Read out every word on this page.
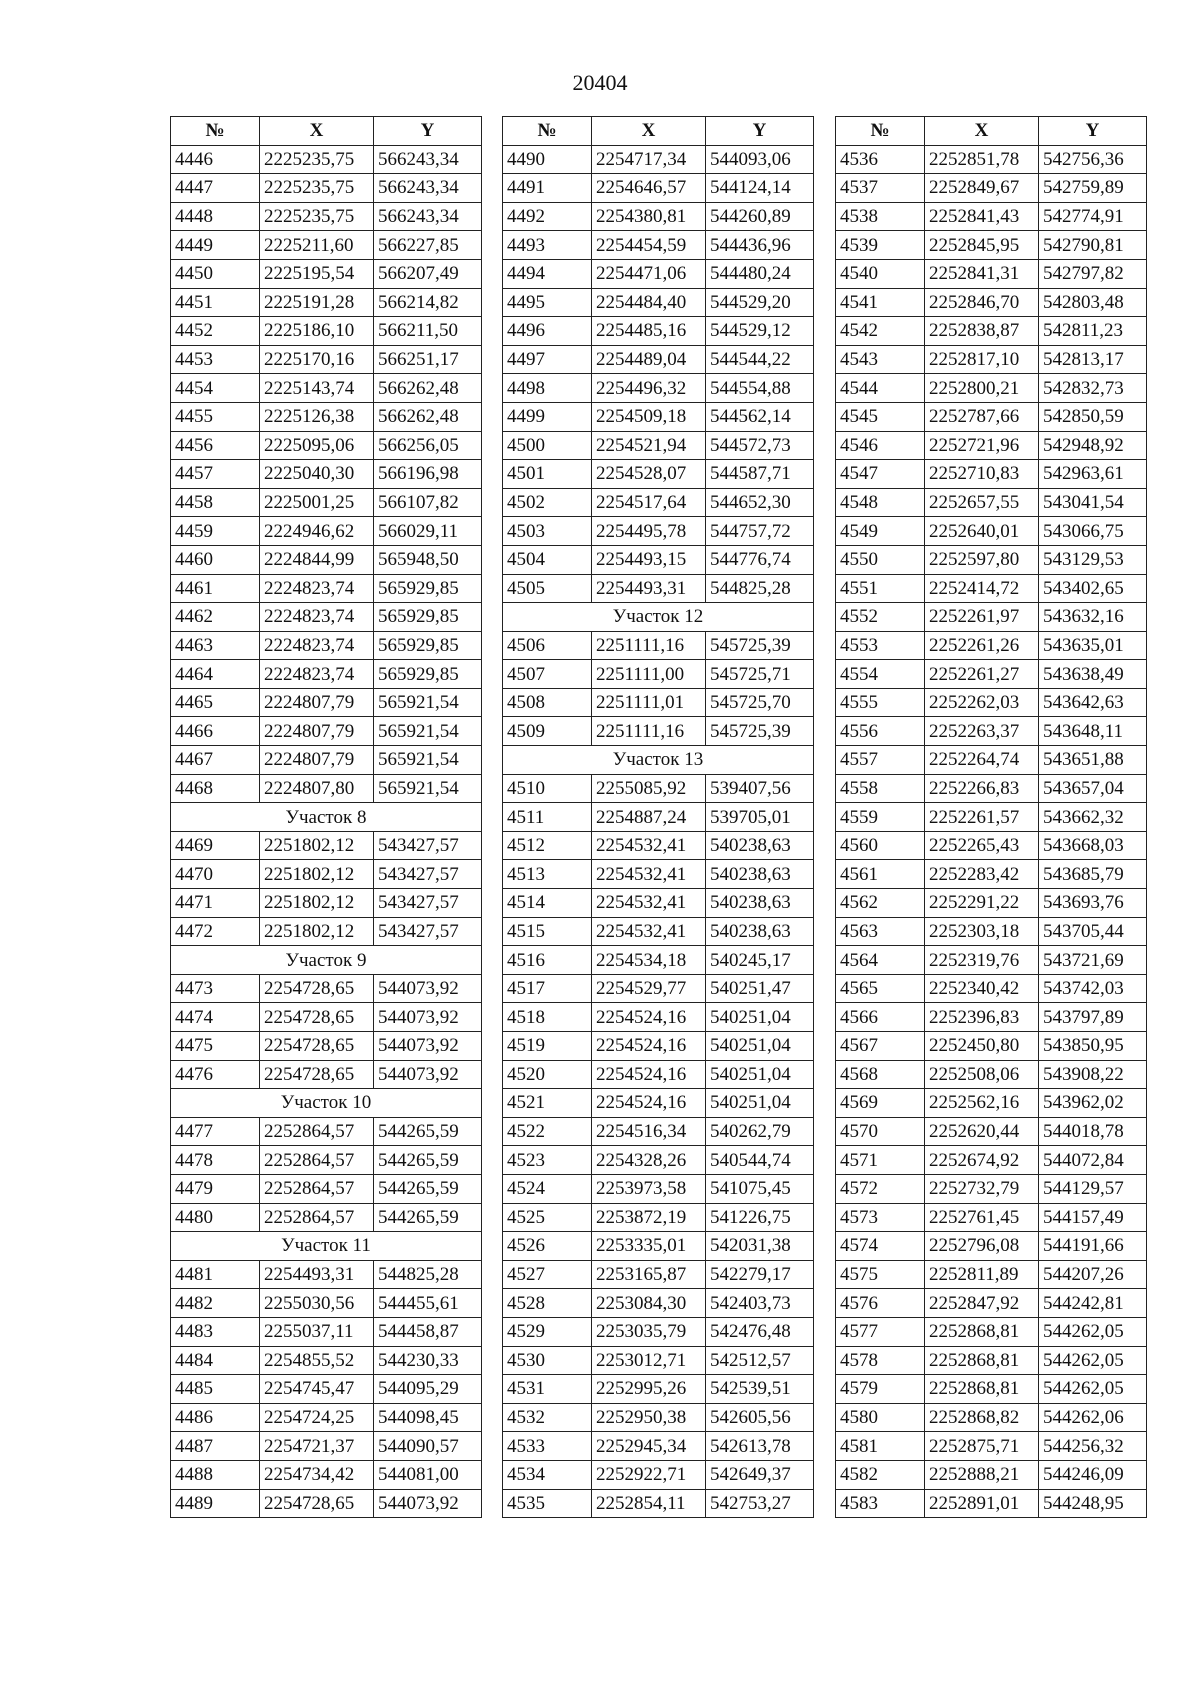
20404
№	X	Y
4446	2225235,75	566243,34
4447	2225235,75	566243,34
4448	2225235,75	566243,34
4449	2225211,60	566227,85
4450	2225195,54	566207,49
4451	2225191,28	566214,82
4452	2225186,10	566211,50
4453	2225170,16	566251,17
4454	2225143,74	566262,48
4455	2225126,38	566262,48
4456	2225095,06	566256,05
4457	2225040,30	566196,98
4458	2225001,25	566107,82
4459	2224946,62	566029,11
4460	2224844,99	565948,50
4461	2224823,74	565929,85
4462	2224823,74	565929,85
4463	2224823,74	565929,85
4464	2224823,74	565929,85
4465	2224807,79	565921,54
4466	2224807,79	565921,54
4467	2224807,79	565921,54
4468	2224807,80	565921,54
Участок 8		
4469	2251802,12	543427,57
4470	2251802,12	543427,57
4471	2251802,12	543427,57
4472	2251802,12	543427,57
Участок 9		
4473	2254728,65	544073,92
4474	2254728,65	544073,92
4475	2254728,65	544073,92
4476	2254728,65	544073,92
Участок 10		
4477	2252864,57	544265,59
4478	2252864,57	544265,59
4479	2252864,57	544265,59
4480	2252864,57	544265,59
Участок 11		
4481	2254493,31	544825,28
4482	2255030,56	544455,61
4483	2255037,11	544458,87
4484	2254855,52	544230,33
4485	2254745,47	544095,29
4486	2254724,25	544098,45
4487	2254721,37	544090,57
4488	2254734,42	544081,00
4489	2254728,65	544073,92
№	X	Y
4490	2254717,34	544093,06
4491	2254646,57	544124,14
4492	2254380,81	544260,89
4493	2254454,59	544436,96
4494	2254471,06	544480,24
4495	2254484,40	544529,20
4496	2254485,16	544529,12
4497	2254489,04	544544,22
4498	2254496,32	544554,88
4499	2254509,18	544562,14
4500	2254521,94	544572,73
4501	2254528,07	544587,71
4502	2254517,64	544652,30
4503	2254495,78	544757,72
4504	2254493,15	544776,74
4505	2254493,31	544825,28
Участок 12		
4506	2251111,16	545725,39
4507	2251111,00	545725,71
4508	2251111,01	545725,70
4509	2251111,16	545725,39
Участок 13		
4510	2255085,92	539407,56
4511	2254887,24	539705,01
4512	2254532,41	540238,63
4513	2254532,41	540238,63
4514	2254532,41	540238,63
4515	2254532,41	540238,63
4516	2254534,18	540245,17
4517	2254529,77	540251,47
4518	2254524,16	540251,04
4519	2254524,16	540251,04
4520	2254524,16	540251,04
4521	2254524,16	540251,04
4522	2254516,34	540262,79
4523	2254328,26	540544,74
4524	2253973,58	541075,45
4525	2253872,19	541226,75
4526	2253335,01	542031,38
4527	2253165,87	542279,17
4528	2253084,30	542403,73
4529	2253035,79	542476,48
4530	2253012,71	542512,57
4531	2252995,26	542539,51
4532	2252950,38	542605,56
4533	2252945,34	542613,78
4534	2252922,71	542649,37
4535	2252854,11	542753,27
№	X	Y
4536	2252851,78	542756,36
4537	2252849,67	542759,89
4538	2252841,43	542774,91
4539	2252845,95	542790,81
4540	2252841,31	542797,82
4541	2252846,70	542803,48
4542	2252838,87	542811,23
4543	2252817,10	542813,17
4544	2252800,21	542832,73
4545	2252787,66	542850,59
4546	2252721,96	542948,92
4547	2252710,83	542963,61
4548	2252657,55	543041,54
4549	2252640,01	543066,75
4550	2252597,80	543129,53
4551	2252414,72	543402,65
4552	2252261,97	543632,16
4553	2252261,26	543635,01
4554	2252261,27	543638,49
4555	2252262,03	543642,63
4556	2252263,37	543648,11
4557	2252264,74	543651,88
4558	2252266,83	543657,04
4559	2252261,57	543662,32
4560	2252265,43	543668,03
4561	2252283,42	543685,79
4562	2252291,22	543693,76
4563	2252303,18	543705,44
4564	2252319,76	543721,69
4565	2252340,42	543742,03
4566	2252396,83	543797,89
4567	2252450,80	543850,95
4568	2252508,06	543908,22
4569	2252562,16	543962,02
4570	2252620,44	544018,78
4571	2252674,92	544072,84
4572	2252732,79	544129,57
4573	2252761,45	544157,49
4574	2252796,08	544191,66
4575	2252811,89	544207,26
4576	2252847,92	544242,81
4577	2252868,81	544262,05
4578	2252868,81	544262,05
4579	2252868,81	544262,05
4580	2252868,82	544262,06
4581	2252875,71	544256,32
4582	2252888,21	544246,09
4583	2252891,01	544248,95
